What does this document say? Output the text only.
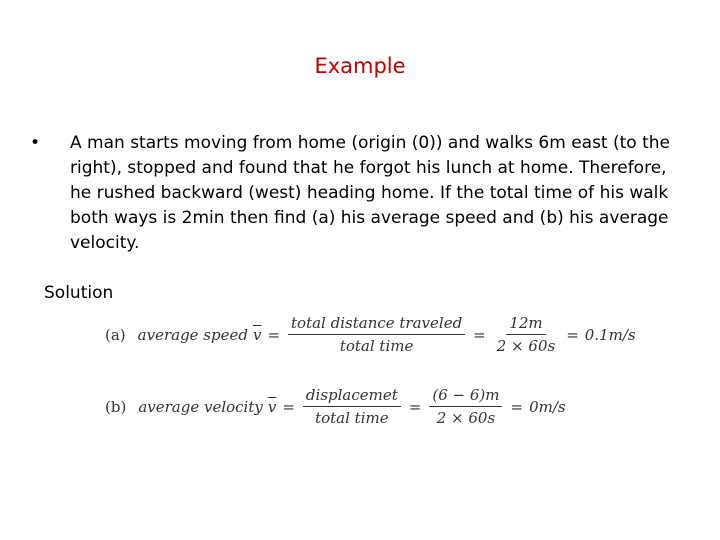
Example
•	A man starts moving from home (origin (0)) and walks 6m east (to the right), stopped and found that he forgot his lunch at home. Therefore, he rushed backward (west) heading home. If the total time of his walk both ways is 2min then find (a) his average speed and (b) his average velocity.
Solution
(a) average speed $\overline{v} = \frac{\text{total distance traveled}}{\text{total time}} = \frac{12m}{2 \times 60s} = 0.1m/s$
(b) average velocity $\overline{v} = \frac{\text{displacemet}}{\text{total time}} = \frac{(6 - 6)m}{2 \times 60s} = 0m/s$
